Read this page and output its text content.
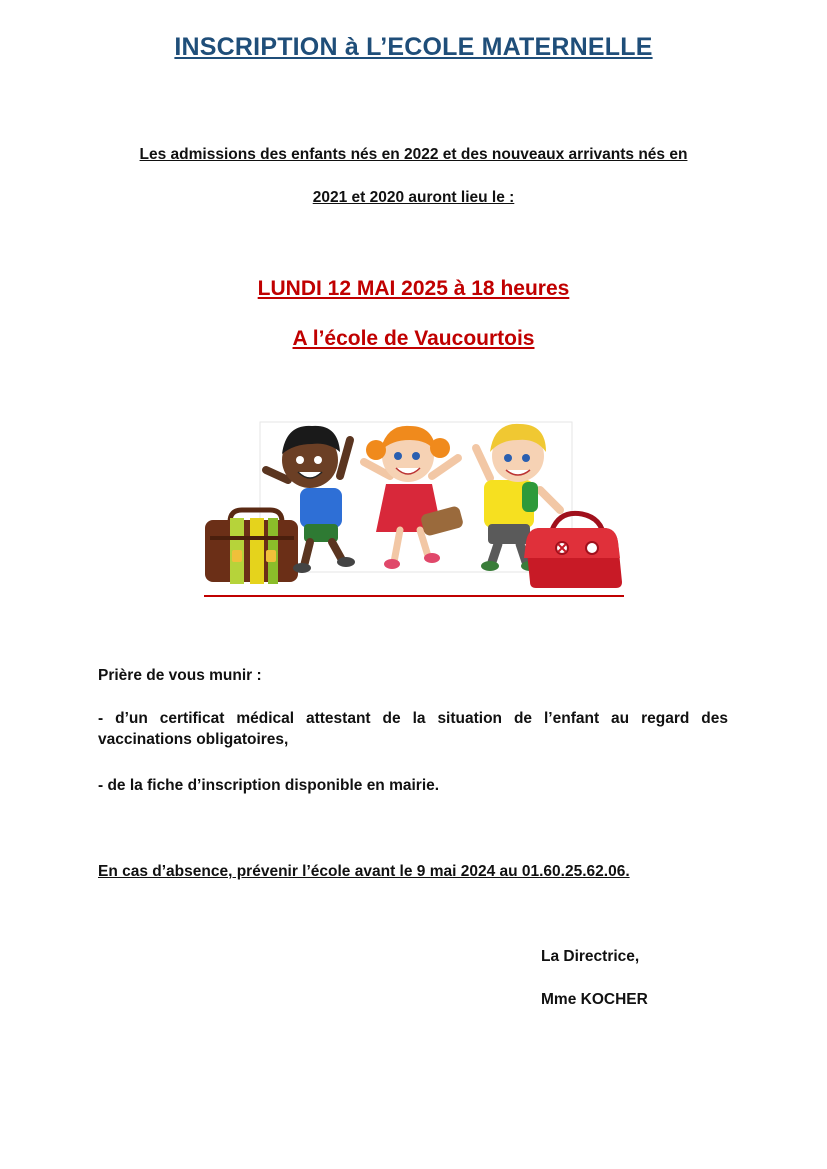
INSCRIPTION à L’ECOLE MATERNELLE
Les admissions des enfants nés en 2022 et des nouveaux arrivants nés en
2021 et 2020 auront lieu le :
LUNDI 12 MAI 2025 à 18 heures
A l’école de Vaucourtois
Prière de vous munir :
- d’un certificat médical attestant de la situation de l’enfant au regard des vaccinations obligatoires,
- de la fiche d’inscription disponible en mairie.
En cas d’absence, prévenir l’école avant le 9 mai 2024 au 01.60.25.62.06.
La Directrice,
Mme KOCHER
